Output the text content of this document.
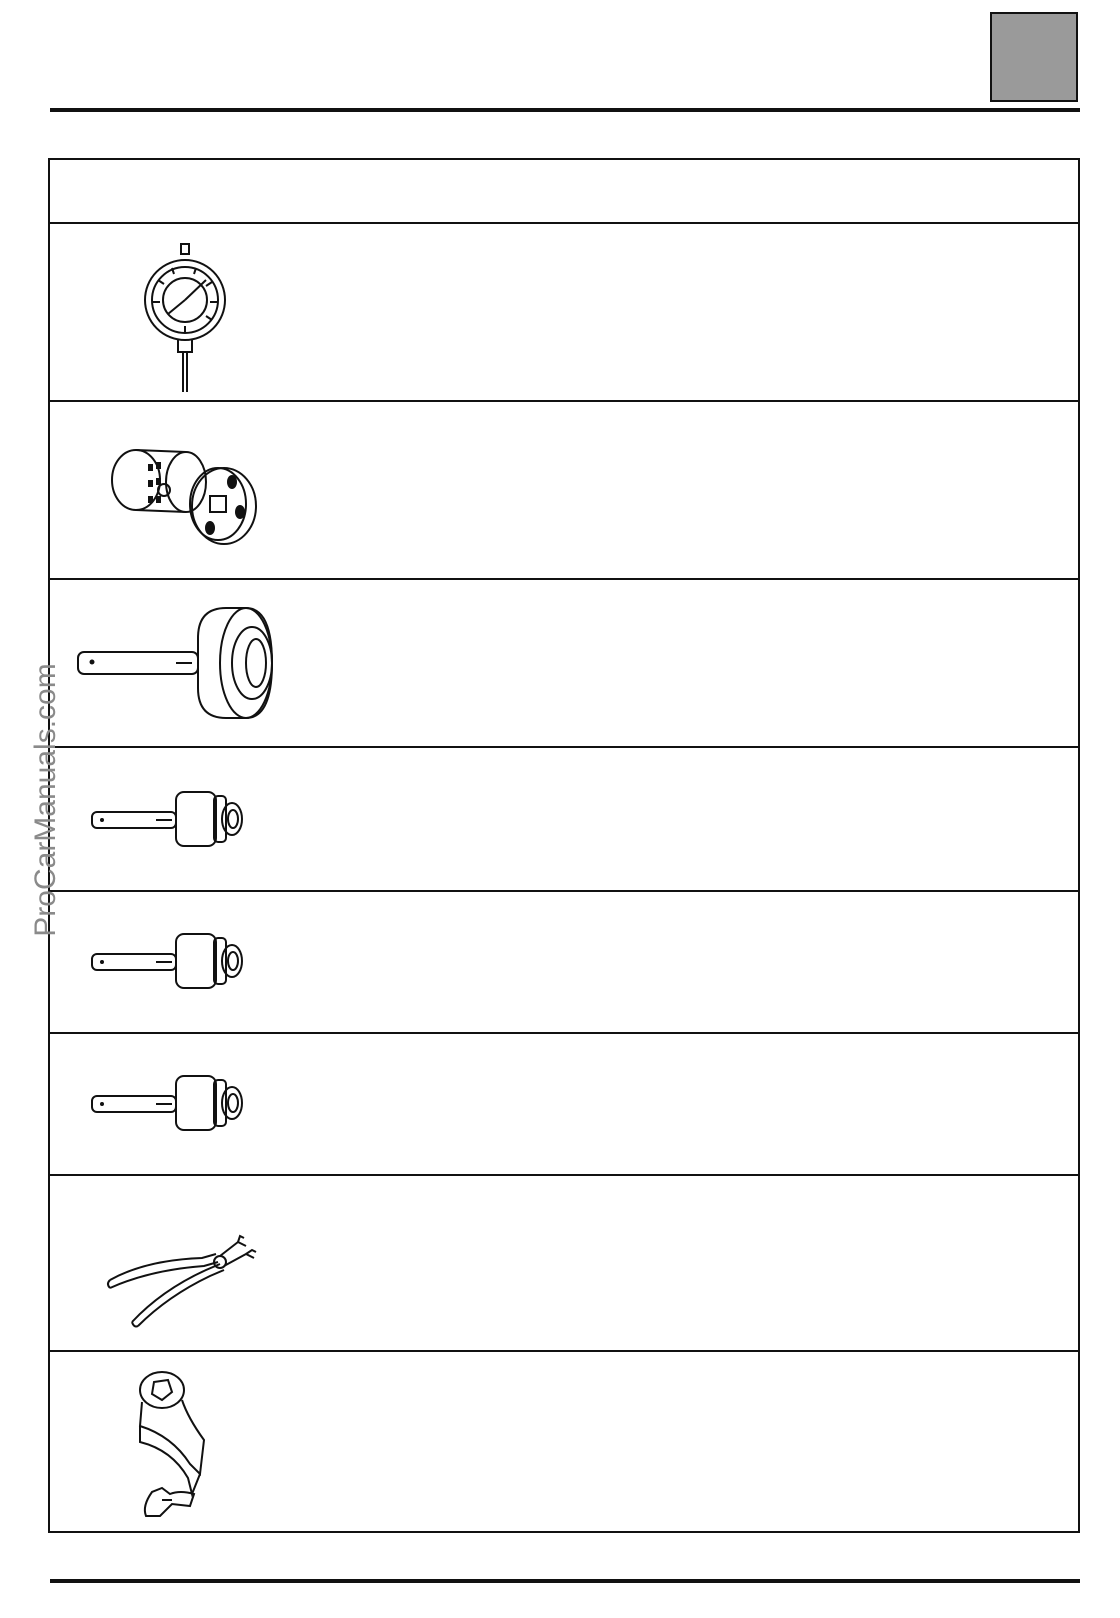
ProCarManuals.com
